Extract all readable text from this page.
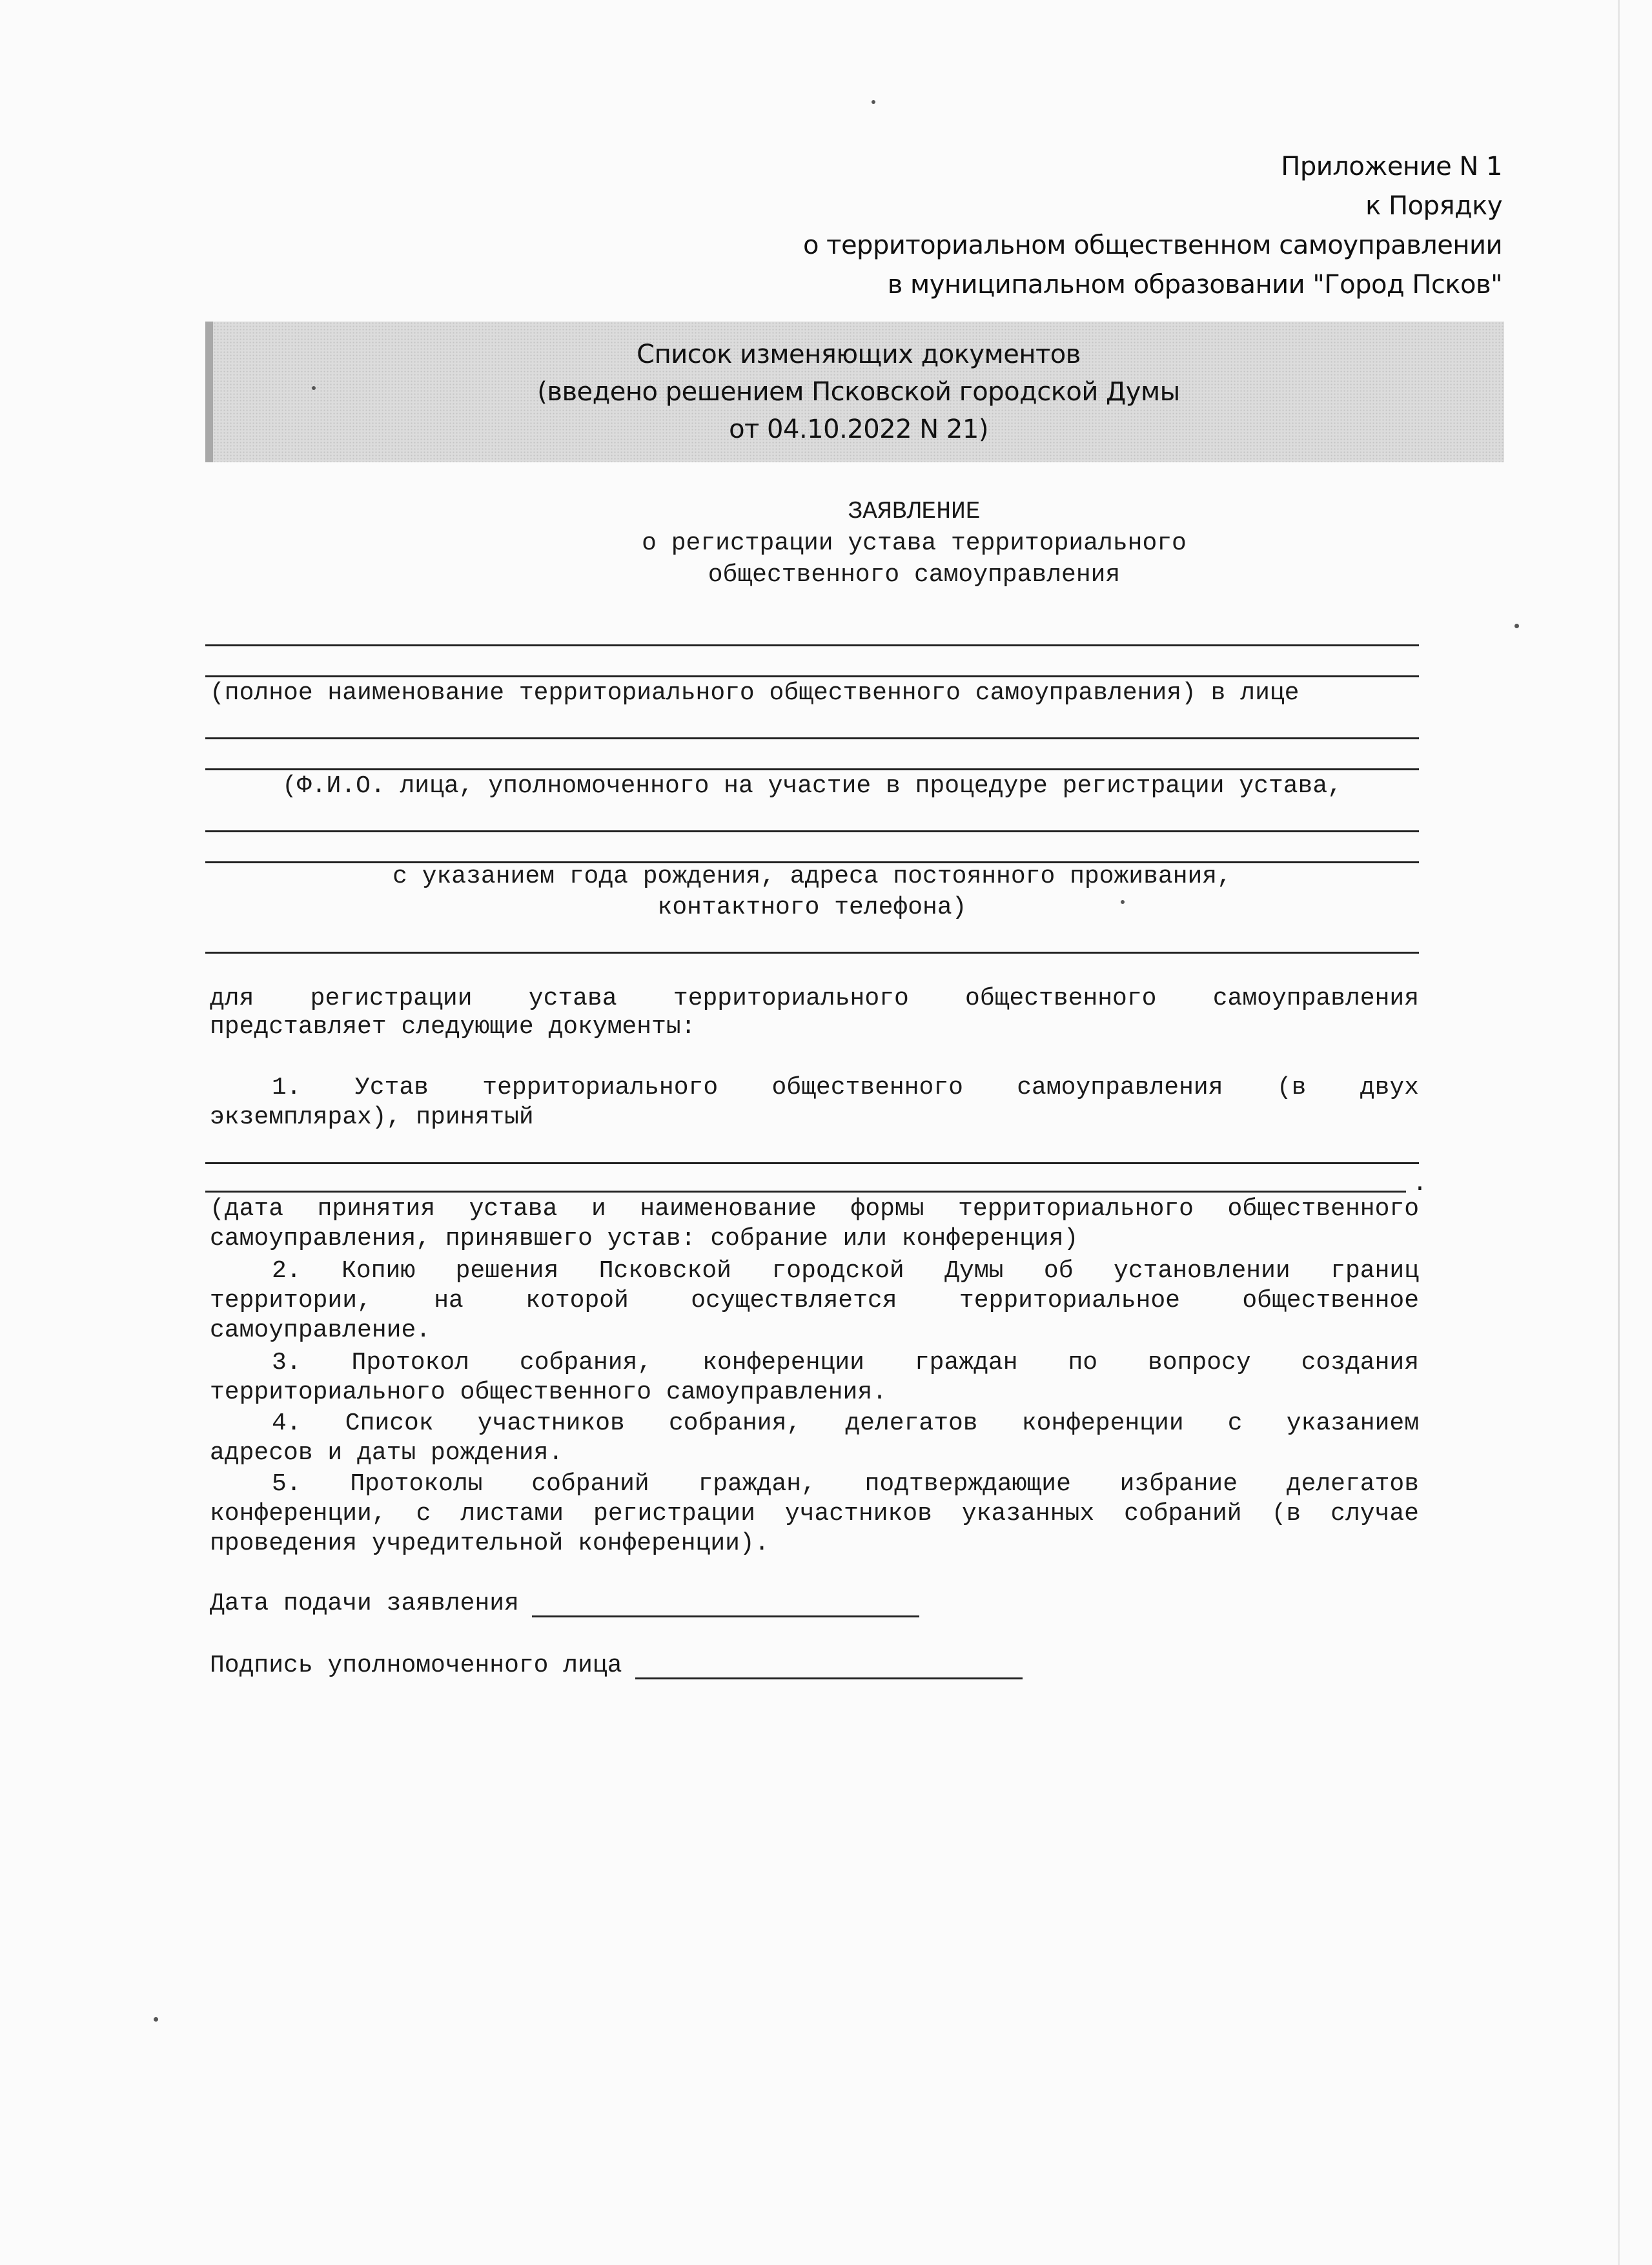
Приложение N 1
к Порядку
о территориальном общественном самоуправлении
в муниципальном образовании "Город Псков"
Список изменяющих документов
(введено решением Псковской городской Думы
от 04.10.2022 N 21)
ЗАЯВЛЕНИЕ
о регистрации устава территориального
общественного самоуправления
(полное наименование территориального общественного самоуправления) в лице
(Ф.И.О. лица, уполномоченного на участие в процедуре регистрации устава,
с указанием года рождения, адреса постоянного проживания,
контактного телефона)
для регистрации устава территориального общественного самоуправления
представляет следующие документы:
1. Устав территориального общественного самоуправления (в двух
экземплярах), принятый
.
(дата принятия устава и наименование формы территориального общественного
самоуправления, принявшего устав: собрание или конференция)
2. Копию решения Псковской городской Думы об установлении границ
территории, на которой осуществляется территориальное общественное
самоуправление.
3. Протокол собрания, конференции граждан по вопросу создания
территориального общественного самоуправления.
4. Список участников собрания, делегатов конференции с указанием
адресов и даты рождения.
5. Протоколы собраний граждан, подтверждающие избрание делегатов
конференции, с листами регистрации участников указанных собраний (в случае
проведения учредительной конференции).
Дата подачи заявления
Подпись уполномоченного лица
